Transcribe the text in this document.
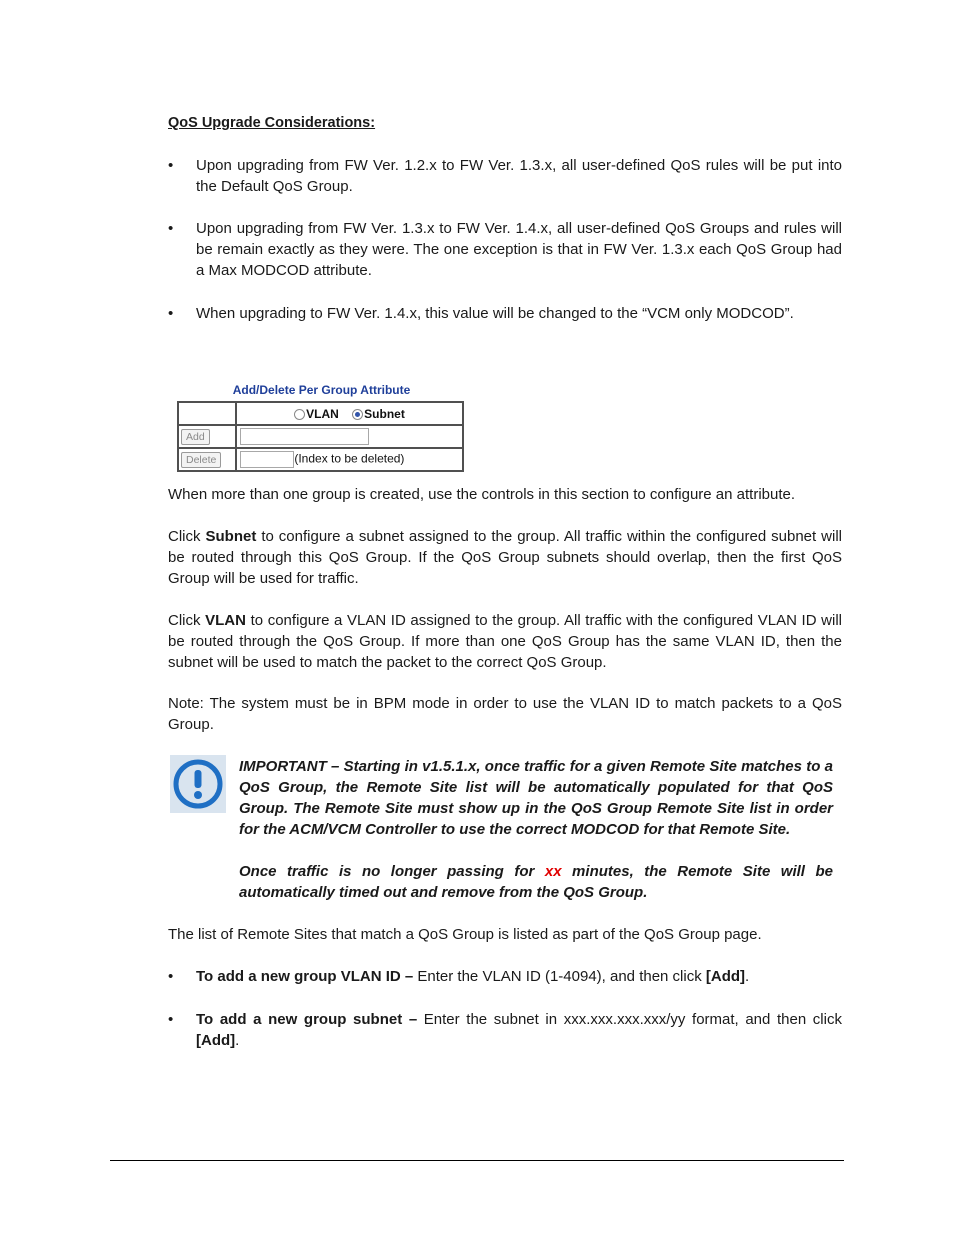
QoS Upgrade Considerations:
•	Upon upgrading from FW Ver. 1.2.x to FW Ver. 1.3.x, all user-defined QoS rules will be put into the Default QoS Group.
•	Upon upgrading from FW Ver. 1.3.x to FW Ver. 1.4.x, all user-defined QoS Groups and rules will be remain exactly as they were. The one exception is that in FW Ver. 1.3.x each QoS Group had a Max MODCOD attribute.
•	When upgrading to FW Ver. 1.4.x, this value will be changed to the “VCM only MODCOD”.
Add/Delete Per Group Attribute
	VLAN Subnet
Add	
Delete	(Index to be deleted)
When more than one group is created, use the controls in this section to configure an attribute.
Click Subnet to configure a subnet assigned to the group. All traffic within the configured subnet will be routed through this QoS Group. If the QoS Group subnets should overlap, then the first QoS Group will be used for traffic.
Click VLAN to configure a VLAN ID assigned to the group. All traffic with the configured VLAN ID will be routed through the QoS Group. If more than one QoS Group has the same VLAN ID, then the subnet will be used to match the packet to the correct QoS Group.
Note: The system must be in BPM mode in order to use the VLAN ID to match packets to a QoS Group.
IMPORTANT – Starting in v1.5.1.x, once traffic for a given Remote Site matches to a QoS Group, the Remote Site list will be automatically populated for that QoS Group. The Remote Site must show up in the QoS Group Remote Site list in order for the ACM/VCM Controller to use the correct MODCOD for that Remote Site.
Once traffic is no longer passing for xx minutes, the Remote Site will be automatically timed out and remove from the QoS Group.
The list of Remote Sites that match a QoS Group is listed as part of the QoS Group page.
•	To add a new group VLAN ID – Enter the VLAN ID (1-4094), and then click [Add].
•	To add a new group subnet – Enter the subnet in xxx.xxx.xxx.xxx/yy format, and then click [Add].
